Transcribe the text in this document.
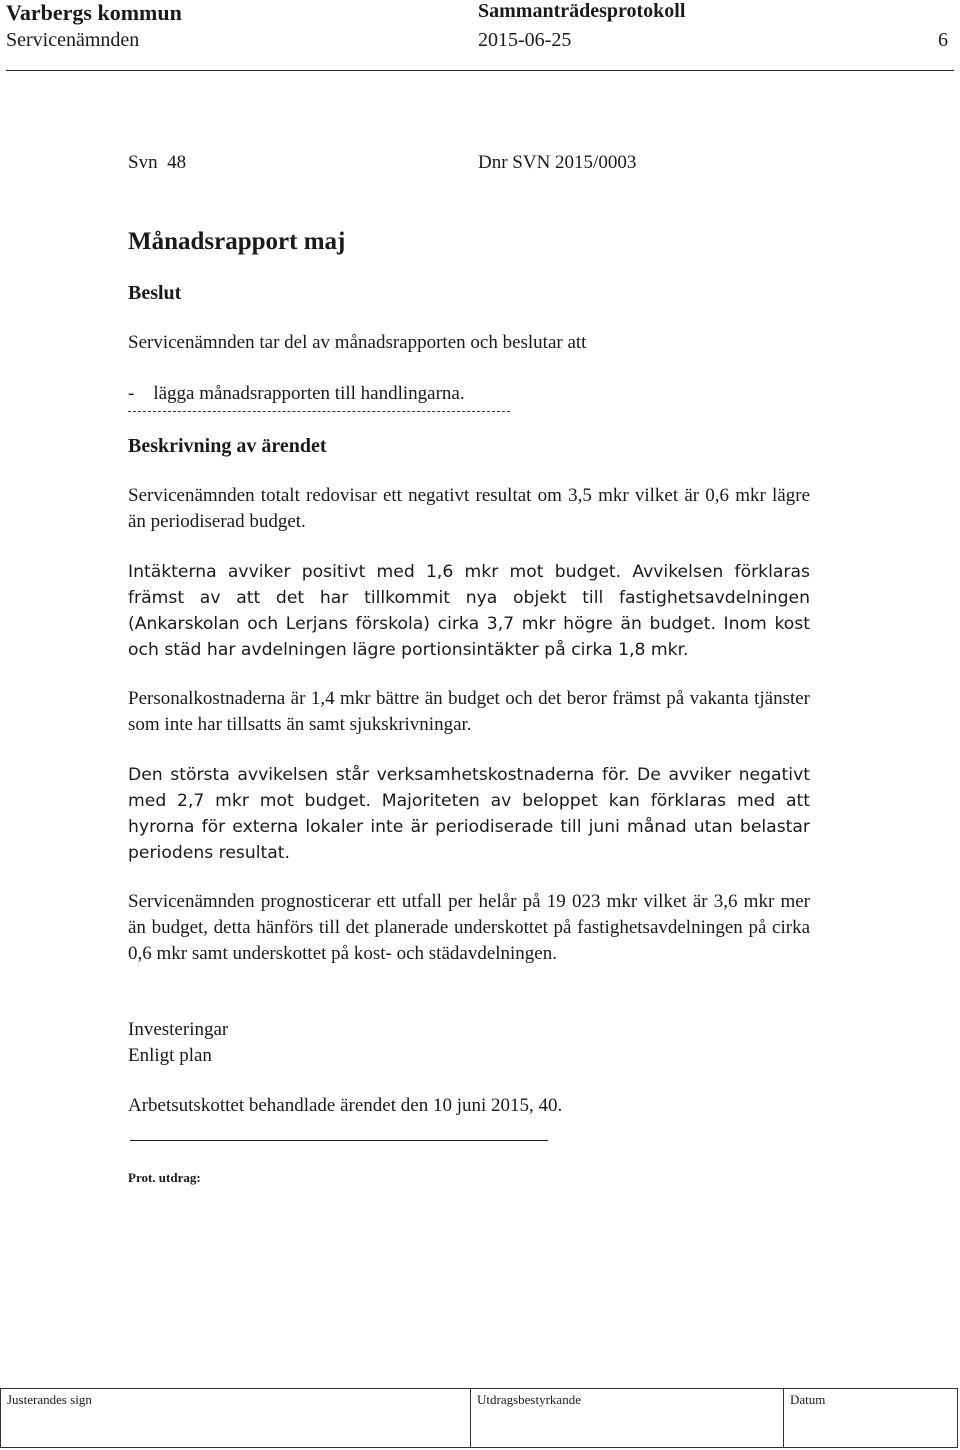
Varbergs kommun	Sammanträdesprotokoll
Servicenämnden	2015-06-25	6
Svn  48	Dnr SVN 2015/0003
Månadsrapport maj
Beslut
Servicenämnden tar del av månadsrapporten och beslutar att
-    lägga månadsrapporten till handlingarna.
Beskrivning av ärendet

Servicenämnden totalt redovisar ett negativt resultat om 3,5 mkr vilket är 0,6 mkr lägre än periodiserad budget.

Intäkterna avviker positivt med 1,6 mkr mot budget. Avvikelsen förklaras främst av att det har tillkommit nya objekt till fastighetsavdelningen (Ankarskolan och Lerjans förskola) cirka 3,7 mkr högre än budget. Inom kost och städ har avdelningen lägre portionsintäkter på cirka 1,8 mkr.

Personalkostnaderna är 1,4 mkr bättre än budget och det beror främst på vakanta tjänster som inte har tillsatts än samt sjukskrivningar.

Den största avvikelsen står verksamhetskostnaderna för. De avviker negativt med 2,7 mkr mot budget. Majoriteten av beloppet kan förklaras med att hyrorna för externa lokaler inte är periodiserade till juni månad utan belastar periodens resultat.

Servicenämnden prognosticerar ett utfall per helår på 19 023 mkr vilket är 3,6 mkr mer än budget, detta hänförs till det planerade underskottet på fastighetsavdelningen på cirka 0,6 mkr samt underskottet på kost- och städavdelningen.

Investeringar
Enligt plan

Arbetsutskottet behandlade ärendet den 10 juni 2015, 40.

Prot. utdrag:
Justerandes sign	Utdragsbestyrkande	Datum
